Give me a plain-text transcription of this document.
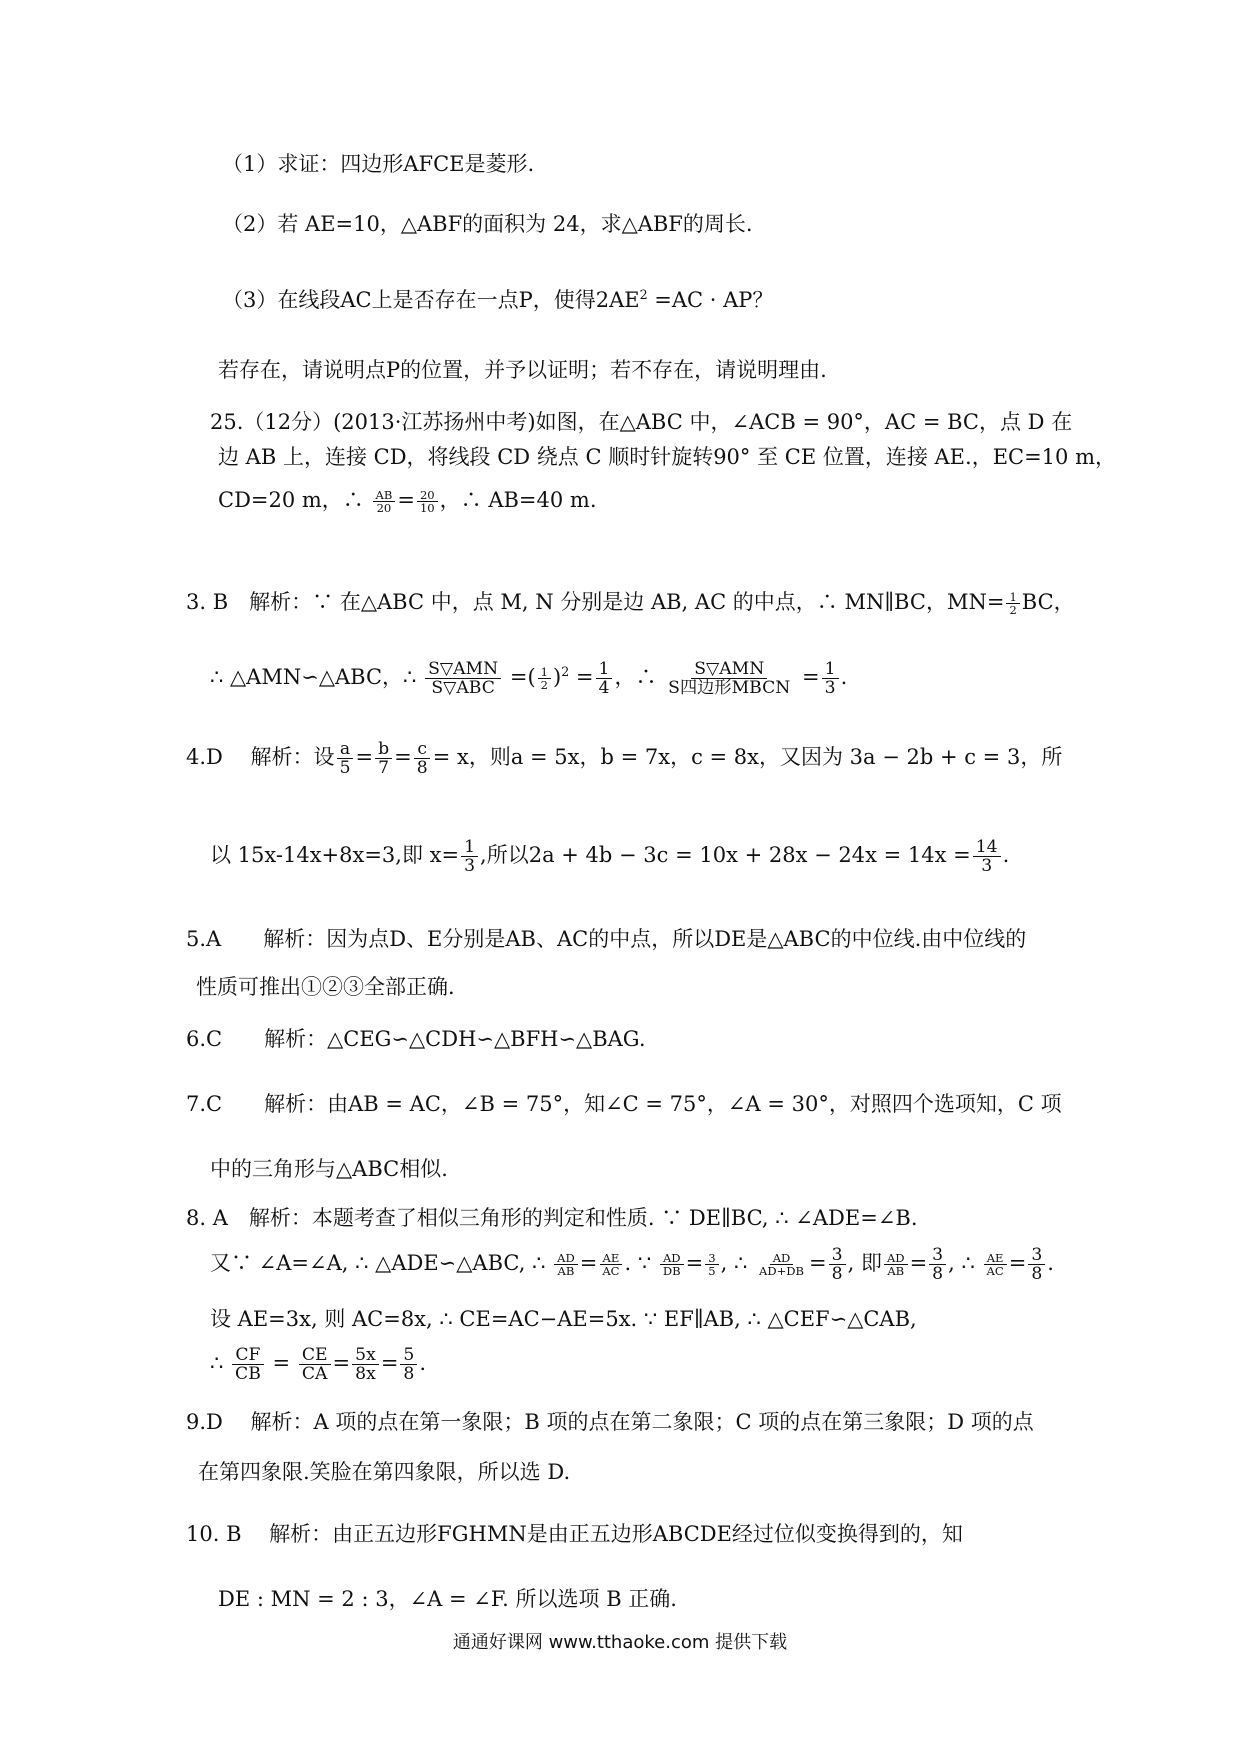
（1）求证：四边形AFCE是菱形.
（2）若 AE=10，△ABF的面积为 24，求△ABF的周长.
（3）在线段AC上是否存在一点P，使得$2AE^2 =AC$ · AP？
若存在，请说明点P的位置，并予以证明；若不存在，请说明理由.
25.（12分）(2013·江苏扬州中考)如图，在△ABC 中，∠ACB = 90°，AC = BC，点 D 在
边 AB 上，连接 CD，将线段 CD 绕点 C 顺时针旋转90° 至 CE 位置，连接 AE.，EC=10 m，
CD=20 m，∴ $\frac{AB}{20} = \frac{20}{10}$ ，∴ AB=40 m.
3. B　解析：∵ 在△ABC 中，点 M, N 分别是边 AB, AC 的中点，∴ MN∥BC，$MN= \frac{1}{2}$ BC，
∴ △AMN∽△ABC，∴ $\frac{\text{S▽AMN}}{\text{S▽ABC}}$ =( $\frac{1}{2} )^2 = \frac{1}{4}$ ，∴ $\frac{\text{S▽AMN}}{\text{S四边形MBCN}} = \frac{1}{3}$ .
4.D　 解析：设 $\frac{a}{5} = \frac{b}{7} = \frac{c}{8} = x$，则a = 5x，b = 7x，c = 8x，又因为 3a − 2b + c = 3，所
以 15x-14x+8x=3,即 $x= \frac{1}{3}$ ,所以$2a + 4b - 3c = 10x + 28x - 24x = 14x = \frac{14}{3}$ .
5.A　　解析：因为点D、E分别是AB、AC的中点，所以DE是△ABC的中位线.由中位线的
性质可推出①②③全部正确.
6.C　　解析：△CEG∽△CDH∽△BFH∽△BAG.
7.C　　解析：由AB = AC，∠B = 75°，知∠C = 75°，∠A = 30°，对照四个选项知，C 项
中的三角形与△ABC相似.
8. A　解析：本题考查了相似三角形的判定和性质. ∵ DE∥BC, ∴ ∠ADE=∠B.
又∵ ∠A=∠A, ∴ △ADE∽△ABC, ∴ $\frac{AD}{AB} = \frac{AE}{AC}$ . ∵ $\frac{AD}{DB} = \frac{3}{5}$ , ∴ $\frac{AD}{AD+DB} = \frac{3}{8}$ , 即 $\frac{AD}{AB} = \frac{3}{8}$ , ∴ $\frac{AE}{AC} = \frac{3}{8}$ .
设 AE=3x, 则 AC=8x, ∴ CE=AC−AE=5x. ∵ EF∥AB, ∴ △CEF∽△CAB,
∴ $\frac{CF}{CB} = \frac{CE}{CA} = \frac{5x}{8x} = \frac{5}{8}$ .
9.D　 解析：A 项的点在第一象限；B 项的点在第二象限；C 项的点在第三象限；D 项的点
在第四象限.笑脸在第四象限，所以选 D.
10. B　 解析：由正五边形FGHMN是由正五边形ABCDE经过位似变换得到的，知
DE : MN = 2 : 3，∠A = ∠F. 所以选项 B 正确.
通通好课网 www.tthaoke.com 提供下载
